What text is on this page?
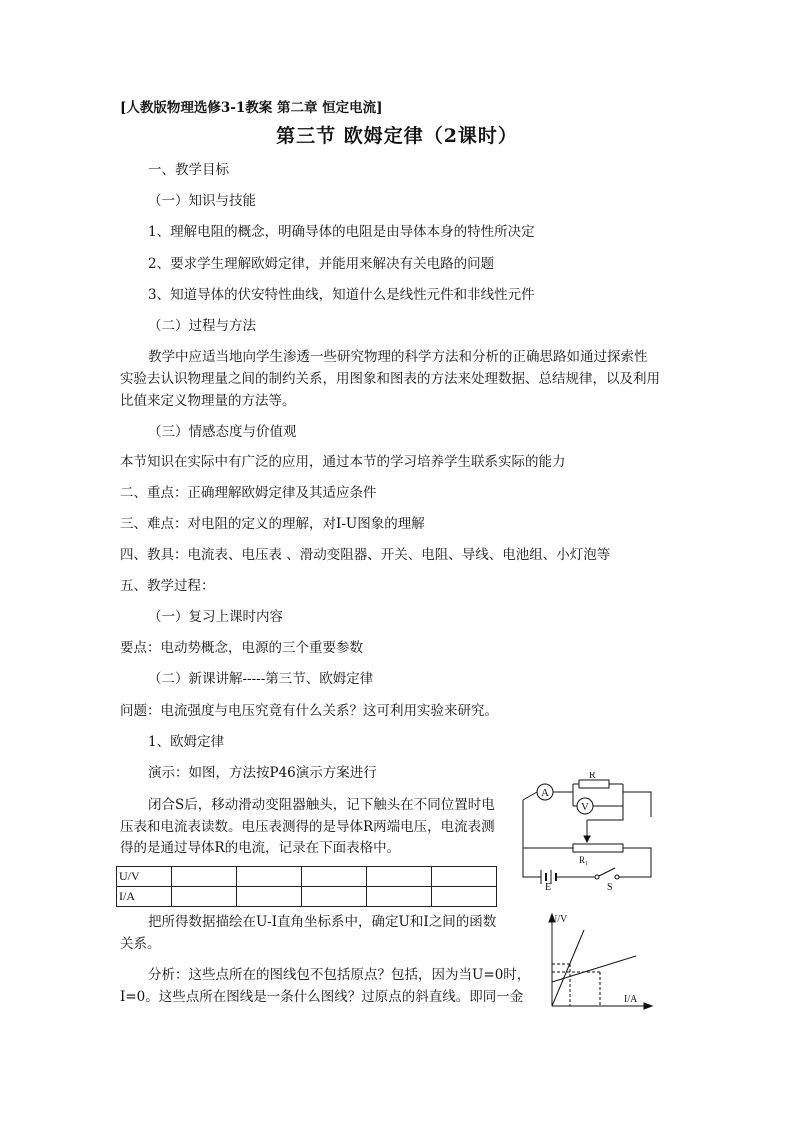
[人教版物理选修3-1教案 第二章 恒定电流]
第三节 欧姆定律（2课时）
一、教学目标
（一）知识与技能
1、理解电阻的概念，明确导体的电阻是由导体本身的特性所决定
2、要求学生理解欧姆定律，并能用来解决有关电路的问题
3、知道导体的伏安特性曲线，知道什么是线性元件和非线性元件
（二）过程与方法
教学中应适当地向学生渗透一些研究物理的科学方法和分析的正确思路如通过探索性
实验去认识物理量之间的制约关系，用图象和图表的方法来处理数据、总结规律，以及利用
比值来定义物理量的方法等。
（三）情感态度与价值观
本节知识在实际中有广泛的应用，通过本节的学习培养学生联系实际的能力
二、重点：正确理解欧姆定律及其适应条件
三、难点：对电阻的定义的理解，对I-U图象的理解
四、教具：电流表、电压表 、滑动变阻器、开关、电阻、导线、电池组、小灯泡等
五、教学过程：
（一）复习上课时内容
要点：电动势概念，电源的三个重要参数
（二）新课讲解-----第三节、欧姆定律
问题：电流强度与电压究竟有什么关系？这可利用实验来研究。
1、欧姆定律
演示：如图，方法按P46演示方案进行
闭合S后，移动滑动变阻器触头，记下触头在不同位置时电
压表和电流表读数。电压表测得的是导体R两端电压，电流表测
得的是通过导体R的电流，记录在下面表格中。
U/V					
I/A					
把所得数据描绘在U-I直角坐标系中，确定U和I之间的函数
关系。
分析：这些点所在的图线包不包括原点？包括，因为当U=0时，
I=0。这些点所在图线是一条什么图线？过原点的斜直线。即同一金
A
R
V
R₁
E	S
U/V
I/A
